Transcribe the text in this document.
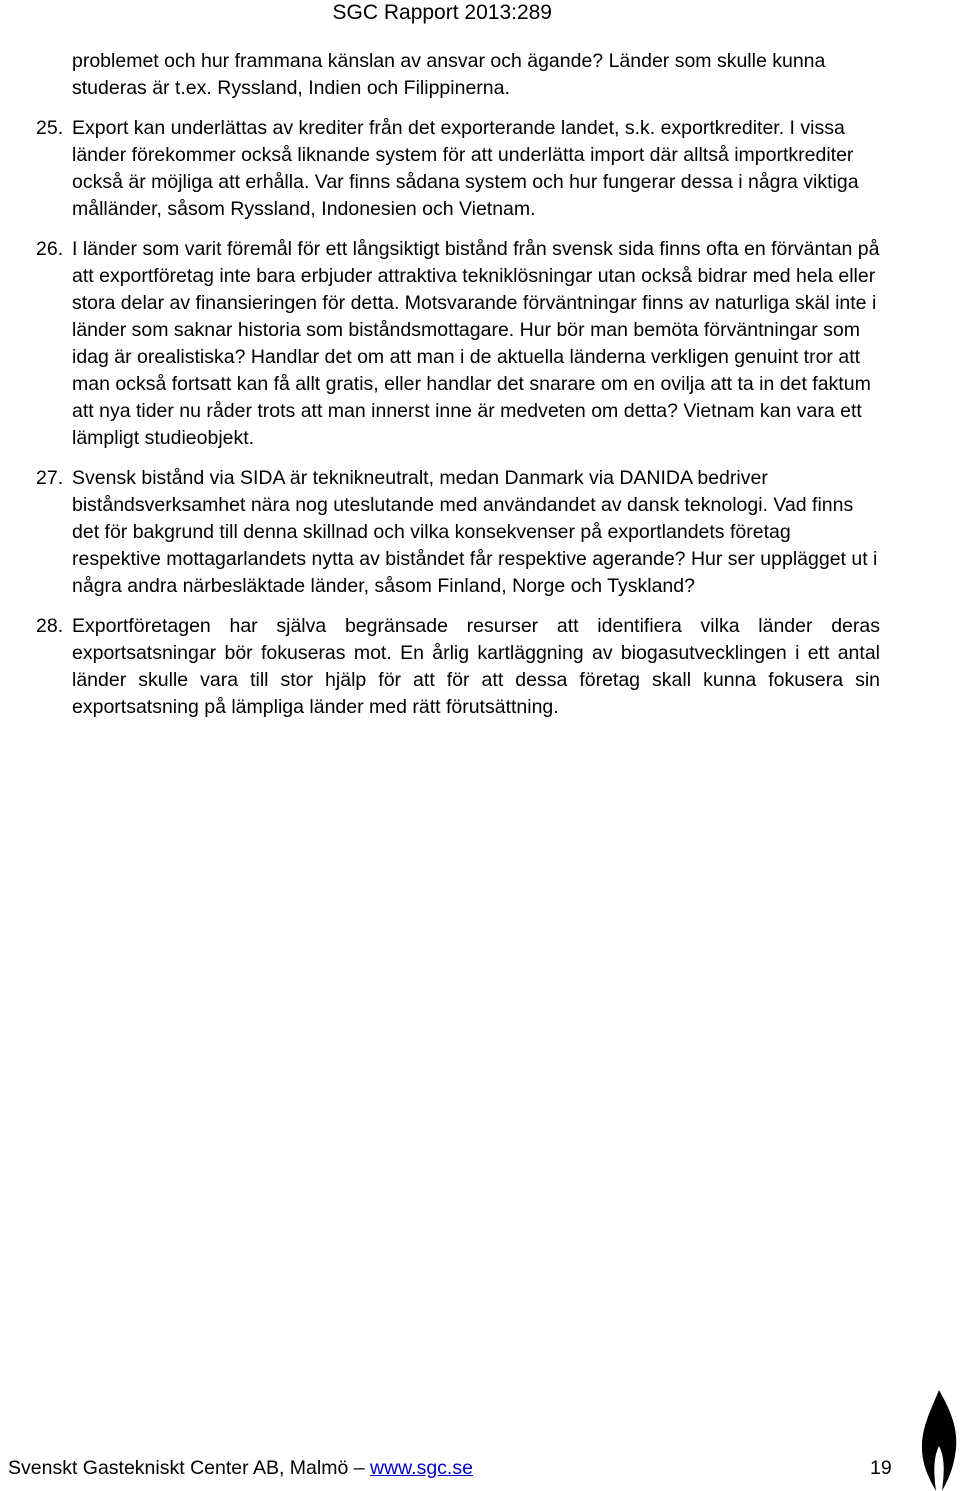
SGC Rapport 2013:289

problemet och hur frammana känslan av ansvar och ägande? Länder som skulle kunna studeras är t.ex. Ryssland, Indien och Filippinerna.

25. Export kan underlättas av krediter från det exporterande landet, s.k. exportkrediter. I vissa länder förekommer också liknande system för att underlätta import där alltså importkrediter också är möjliga att erhålla. Var finns sådana system och hur fungerar dessa i några viktiga målländer, såsom Ryssland, Indonesien och Vietnam.

26. I länder som varit föremål för ett långsiktigt bistånd från svensk sida finns ofta en förväntan på att exportföretag inte bara erbjuder attraktiva tekniklösningar utan också bidrar med hela eller stora delar av finansieringen för detta. Motsvarande förväntningar finns av naturliga skäl inte i länder som saknar historia som biståndsmottagare. Hur bör man bemöta förväntningar som idag är orealistiska? Handlar det om att man i de aktuella länderna verkligen genuint tror att man också fortsatt kan få allt gratis, eller handlar det snarare om en ovilja att ta in det faktum att nya tider nu råder trots att man innerst inne är medveten om detta? Vietnam kan vara ett lämpligt studieobjekt.

27. Svensk bistånd via SIDA är teknikneutralt, medan Danmark via DANIDA bedriver biståndsverksamhet nära nog uteslutande med användandet av dansk teknologi. Vad finns det för bakgrund till denna skillnad och vilka konsekvenser på exportlandets företag respektive mottagarlandets nytta av biståndet får respektive agerande? Hur ser upplägget ut i några andra närbesläktade länder, såsom Finland, Norge och Tyskland?

28. Exportföretagen har själva begränsade resurser att identifiera vilka länder deras exportsatsningar bör fokuseras mot. En årlig kartläggning av biogasutvecklingen i ett antal länder skulle vara till stor hjälp för att för att dessa företag skall kunna fokusera sin exportsatsning på lämpliga länder med rätt förutsättning.

Svenskt Gastekniskt Center AB, Malmö – www.sgc.se	19
